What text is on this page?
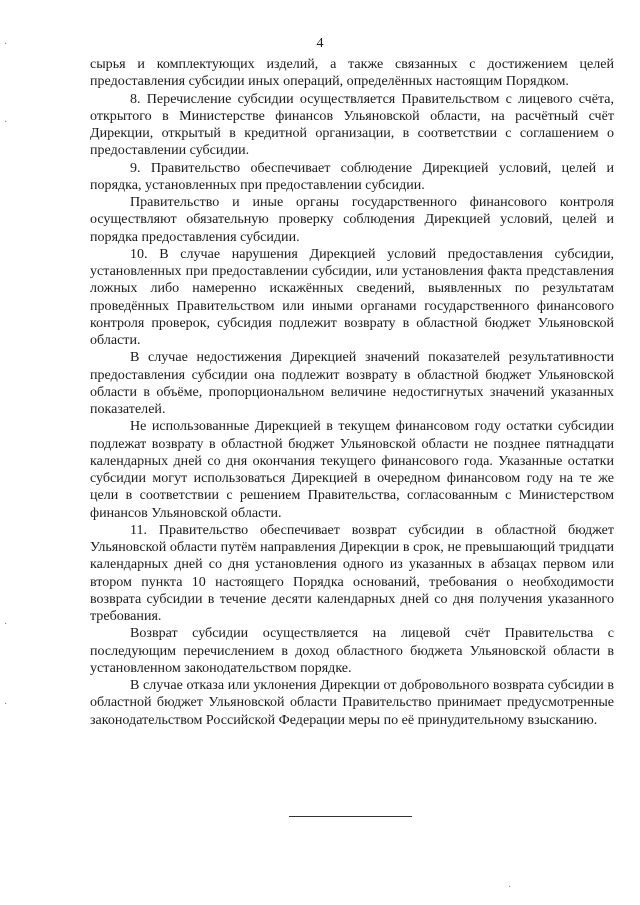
4

сырья и комплектующих изделий, а также связанных с достижением целей предоставления субсидии иных операций, определённых настоящим Порядком.

8. Перечисление субсидии осуществляется Правительством с лицевого счёта, открытого в Министерстве финансов Ульяновской области, на расчётный счёт Дирекции, открытый в кредитной организации, в соответствии с соглашением о предоставлении субсидии.

9. Правительство обеспечивает соблюдение Дирекцией условий, целей и порядка, установленных при предоставлении субсидии.

Правительство и иные органы государственного финансового контроля осуществляют обязательную проверку соблюдения Дирекцией условий, целей и порядка предоставления субсидии.

10. В случае нарушения Дирекцией условий предоставления субсидии, установленных при предоставлении субсидии, или установления факта представления ложных либо намеренно искажённых сведений, выявленных по результатам проведённых Правительством или иными органами государственного финансового контроля проверок, субсидия подлежит возврату в областной бюджет Ульяновской области.

В случае недостижения Дирекцией значений показателей результативности предоставления субсидии она подлежит возврату в областной бюджет Ульяновской области в объёме, пропорциональном величине недостигнутых значений указанных показателей.

Не использованные Дирекцией в текущем финансовом году остатки субсидии подлежат возврату в областной бюджет Ульяновской области не позднее пятнадцати календарных дней со дня окончания текущего финансового года. Указанные остатки субсидии могут использоваться Дирекцией в очередном финансовом году на те же цели в соответствии с решением Правительства, согласованным с Министерством финансов Ульяновской области.

11. Правительство обеспечивает возврат субсидии в областной бюджет Ульяновской области путём направления Дирекции в срок, не превышающий тридцати календарных дней со дня установления одного из указанных в абзацах первом или втором пункта 10 настоящего Порядка оснований, требования о необходимости возврата субсидии в течение десяти календарных дней со дня получения указанного требования.

Возврат субсидии осуществляется на лицевой счёт Правительства с последующим перечислением в доход областного бюджета Ульяновской области в установленном законодательством порядке.

В случае отказа или уклонения Дирекции от добровольного возврата субсидии в областной бюджет Ульяновской области Правительство принимает предусмотренные законодательством Российской Федерации меры по её принудительному взысканию.

·
·
·
·
·
